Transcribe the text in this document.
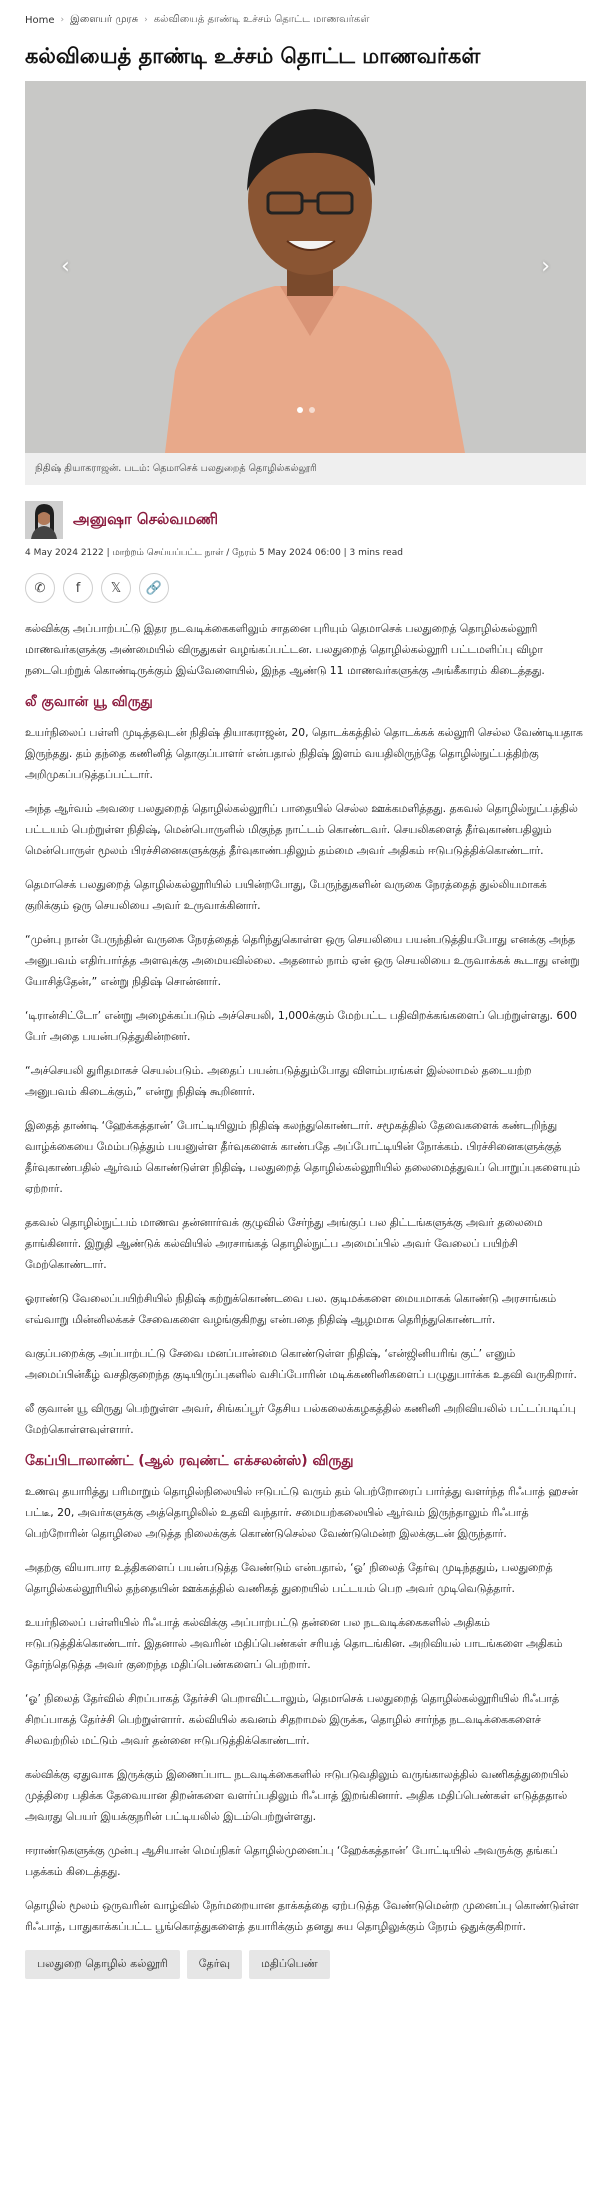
Home › இளையர் முரசு › கல்வியைத் தாண்டி உச்சம் தொட்ட மாணவர்கள்
கல்வியைத் தாண்டி உச்சம் தொட்ட மாணவர்கள்
‹	›
நிதிஷ் தியாகராஜன். படம்: தெமாசெக் பலதுறைத் தொழில்கல்லூரி
அனுஷா செல்வமணி
4 May 2024 2122 | மாற்றம் செய்யப்பட்ட நாள் / நேரம் 5 May 2024 06:00 | 3 mins read
✆	f	𝕏	🔗

கல்விக்கு அப்பாற்பட்டு இதர நடவடிக்கைகளிலும் சாதனை புரியும் தெமாசெக் பலதுறைத் தொழில்கல்லூரி மாணவர்களுக்கு அண்மையில் விருதுகள் வழங்கப்பட்டன. பலதுறைத் தொழில்கல்லூரி பட்டமளிப்பு விழா நடைபெற்றுக் கொண்டிருக்கும் இவ்வேளையில், இந்த ஆண்டு 11 மாணவர்களுக்கு அங்கீகாரம் கிடைத்தது.

லீ குவான் யூ விருது

உயர்நிலைப் பள்ளி முடித்தவுடன் நிதிஷ் தியாகராஜன், 20, தொடக்கத்தில் தொடக்கக் கல்லூரி செல்ல வேண்டியதாக இருந்தது. தம் தந்தை கணினித் தொகுப்பாளர் என்பதால் நிதிஷ் இளம் வயதிலிருந்தே தொழில்நுட்பத்திற்கு அறிமுகப்படுத்தப்பட்டார்.

அந்த ஆர்வம் அவரை பலதுறைத் தொழில்கல்லூரிப் பாதையில் செல்ல ஊக்கமளித்தது. தகவல் தொழில்நுட்பத்தில் பட்டயம் பெற்றுள்ள நிதிஷ், மென்பொருளில் மிகுந்த நாட்டம் கொண்டவர். செயலிகளைத் தீர்வுகாண்பதிலும் மென்பொருள் மூலம் பிரச்சினைகளுக்குத் தீர்வுகாண்பதிலும் தம்மை அவர் அதிகம் ஈடுபடுத்திக்கொண்டார்.

தெமாசெக் பலதுறைத் தொழில்கல்லூரியில் பயின்றபோது, பேருந்துகளின் வருகை நேரத்தைத் துல்லியமாகக் குறிக்கும் ஒரு செயலியை அவர் உருவாக்கினார்.

“முன்பு நான் பேருந்தின் வருகை நேரத்தைத் தெரிந்துகொள்ள ஒரு செயலியை பயன்படுத்தியபோது எனக்கு அந்த அனுபவம் எதிர்பார்த்த அளவுக்கு அமையவில்லை. அதனால் நாம் ஏன் ஒரு செயலியை உருவாக்கக் கூடாது என்று யோசித்தேன்,” என்று நிதிஷ் சொன்னார்.

‘டிரான்சிட்டோ’ என்று அழைக்கப்படும் அச்செயலி, 1,000க்கும் மேற்பட்ட பதிவிறக்கங்களைப் பெற்றுள்ளது. 600 பேர் அதை பயன்படுத்துகின்றனர்.

“அச்செயலி துரிதமாகச் செயல்படும். அதைப் பயன்படுத்தும்போது விளம்பரங்கள் இல்லாமல் தடையற்ற அனுபவம் கிடைக்கும்,” என்று நிதிஷ் கூறினார்.

இதைத் தாண்டி ‘ஹேக்கத்தான்’ போட்டியிலும் நிதிஷ் கலந்துகொண்டார். சமூகத்தில் தேவைகளைக் கண்டறிந்து வாழ்க்கையை மேம்படுத்தும் பயனுள்ள தீர்வுகளைக் காண்பதே அப்போட்டியின் நோக்கம். பிரச்சினைகளுக்குத் தீர்வுகாண்பதில் ஆர்வம் கொண்டுள்ள நிதிஷ், பலதுறைத் தொழில்கல்லூரியில் தலைமைத்துவப் பொறுப்புகளையும் ஏற்றார்.

தகவல் தொழில்நுட்பம் மாணவ தன்னார்வக் குழுவில் சேர்ந்து அங்குப் பல திட்டங்களுக்கு அவர் தலைமை தாங்கினார். இறுதி ஆண்டுக் கல்வியில் அரசாங்கத் தொழில்நுட்ப அமைப்பில் அவர் வேலைப் பயிற்சி மேற்கொண்டார்.

ஓராண்டு வேலைப்பயிற்சியில் நிதிஷ் கற்றுக்கொண்டவை பல. குடிமக்களை மையமாகக் கொண்டு அரசாங்கம் எவ்வாறு மின்னிலக்கச் சேவைகளை வழங்குகிறது என்பதை நிதிஷ் ஆழமாக தெரிந்துகொண்டார்.

வகுப்பறைக்கு அப்பாற்பட்டு சேவை மனப்பான்மை கொண்டுள்ள நிதிஷ், ‘என்ஜினியரிங் குட்’ எனும் அமைப்பின்கீழ் வசதிகுறைந்த குடியிருப்புகளில் வசிப்போரின் மடிக்கணினிகளைப் பழுதுபார்க்க உதவி வருகிறார்.

லீ குவான் யூ விருது பெற்றுள்ள அவர், சிங்கப்பூர் தேசிய பல்கலைக்கழகத்தில் கணினி அறிவியலில் பட்டப்படிப்பு மேற்கொள்ளவுள்ளார்.

கேப்பிடாலாண்ட் (ஆல் ரவுண்ட் எக்சலன்ஸ்) விருது

உணவு தயாரித்து பரிமாறும் தொழில்நிலையில் ஈடுபட்டு வரும் தம் பெற்றோரைப் பார்த்து வளர்ந்த ரிஃபாத் ஹசன் பட்டீ, 20, அவர்களுக்கு அத்தொழிலில் உதவி வந்தார். சமையற்கலையில் ஆர்வம் இருந்தாலும் ரிஃபாத் பெற்றோரின் தொழிலை அடுத்த நிலைக்குக் கொண்டுசெல்ல வேண்டுமென்ற இலக்குடன் இருந்தார்.

அதற்கு வியாபார உத்திகளைப் பயன்படுத்த வேண்டும் என்பதால், ‘ஓ’ நிலைத் தேர்வு முடிந்ததும், பலதுறைத் தொழில்கல்லூரியில் தந்தையின் ஊக்கத்தில் வணிகத் துறையில் பட்டயம் பெற அவர் முடிவெடுத்தார்.

உயர்நிலைப் பள்ளியில் ரிஃபாத் கல்விக்கு அப்பாற்பட்டு தன்னை பல நடவடிக்கைகளில் அதிகம் ஈடுபடுத்திக்கொண்டார். இதனால் அவரின் மதிப்பெண்கள் சரியத் தொடங்கின. அறிவியல் பாடங்களை அதிகம் தேர்ந்தெடுத்த அவர் குறைந்த மதிப்பெண்களைப் பெற்றார்.

‘ஓ’ நிலைத் தேர்வில் சிறப்பாகத் தேர்ச்சி பெறாவிட்டாலும், தெமாசெக் பலதுறைத் தொழில்கல்லூரியில் ரிஃபாத் சிறப்பாகத் தேர்ச்சி பெற்றுள்ளார். கல்வியில் கவனம் சிதறாமல் இருக்க, தொழில் சார்ந்த நடவடிக்கைகளைச் சிலவற்றில் மட்டும் அவர் தன்னை ஈடுபடுத்திக்கொண்டார்.

கல்விக்கு ஏதுவாக இருக்கும் இணைப்பாட நடவடிக்கைகளில் ஈடுபடுவதிலும் வருங்காலத்தில் வணிகத்துறையில் முத்திரை பதிக்க தேவையான திறன்களை வளர்ப்பதிலும் ரிஃபாத் இறங்கினார். அதிக மதிப்பெண்கள் எடுத்ததால் அவரது பெயர் இயக்குநரின் பட்டியலில் இடம்பெற்றுள்ளது.

ஈராண்டுகளுக்கு முன்பு ஆசியான் மெய்நிகர் தொழில்முனைப்பு ‘ஹேக்கத்தான்’ போட்டியில் அவருக்கு தங்கப் பதக்கம் கிடைத்தது.

தொழில் மூலம் ஒருவரின் வாழ்வில் நேர்மறையான தாக்கத்தை ஏற்படுத்த வேண்டுமென்ற முனைப்பு கொண்டுள்ள ரிஃபாத், பாதுகாக்கப்பட்ட பூங்கொத்துகளைத் தயாரிக்கும் தனது சுய தொழிலுக்கும் நேரம் ஒதுக்குகிறார்.

பலதுறை தொழில் கல்லூரி	தேர்வு	மதிப்பெண்
